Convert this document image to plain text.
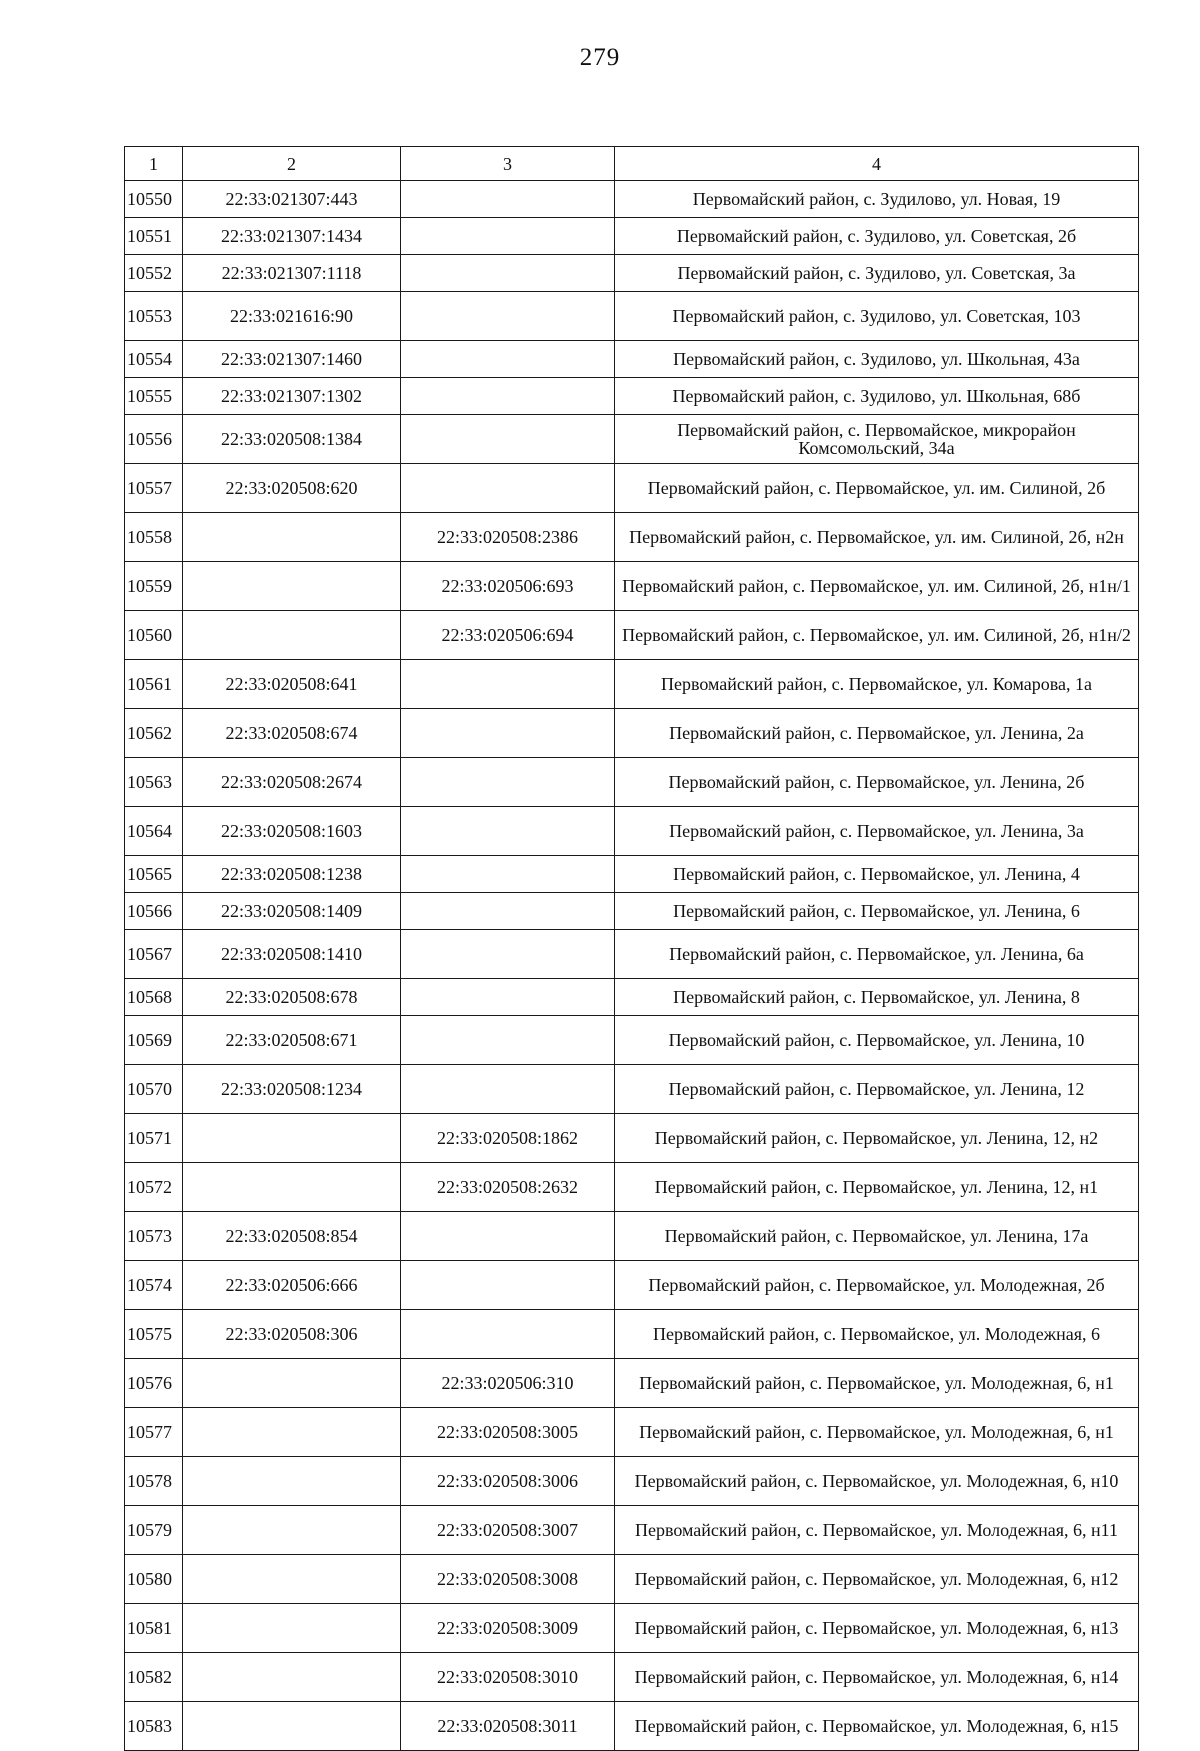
279
1	2	3	4
10550	22:33:021307:443		Первомайский район, с. Зудилово, ул. Новая, 19
10551	22:33:021307:1434		Первомайский район, с. Зудилово, ул. Советская, 2б
10552	22:33:021307:1118		Первомайский район, с. Зудилово, ул. Советская, 3а
10553	22:33:021616:90		Первомайский район, с. Зудилово, ул. Советская, 103
10554	22:33:021307:1460		Первомайский район, с. Зудилово, ул. Школьная, 43а
10555	22:33:021307:1302		Первомайский район, с. Зудилово, ул. Школьная, 68б
10556	22:33:020508:1384		Первомайский район, с. Первомайское, микрорайон Комсомольский, 34а
10557	22:33:020508:620		Первомайский район, с. Первомайское, ул. им. Силиной, 2б
10558		22:33:020508:2386	Первомайский район, с. Первомайское, ул. им. Силиной, 2б, н2н
10559		22:33:020506:693	Первомайский район, с. Первомайское, ул. им. Силиной, 2б, н1н/1
10560		22:33:020506:694	Первомайский район, с. Первомайское, ул. им. Силиной, 2б, н1н/2
10561	22:33:020508:641		Первомайский район, с. Первомайское, ул. Комарова, 1а
10562	22:33:020508:674		Первомайский район, с. Первомайское, ул. Ленина, 2а
10563	22:33:020508:2674		Первомайский район, с. Первомайское, ул. Ленина, 2б
10564	22:33:020508:1603		Первомайский район, с. Первомайское, ул. Ленина, 3а
10565	22:33:020508:1238		Первомайский район, с. Первомайское, ул. Ленина, 4
10566	22:33:020508:1409		Первомайский район, с. Первомайское, ул. Ленина, 6
10567	22:33:020508:1410		Первомайский район, с. Первомайское, ул. Ленина, 6а
10568	22:33:020508:678		Первомайский район, с. Первомайское, ул. Ленина, 8
10569	22:33:020508:671		Первомайский район, с. Первомайское, ул. Ленина, 10
10570	22:33:020508:1234		Первомайский район, с. Первомайское, ул. Ленина, 12
10571		22:33:020508:1862	Первомайский район, с. Первомайское, ул. Ленина, 12, н2
10572		22:33:020508:2632	Первомайский район, с. Первомайское, ул. Ленина, 12, н1
10573	22:33:020508:854		Первомайский район, с. Первомайское, ул. Ленина, 17а
10574	22:33:020506:666		Первомайский район, с. Первомайское, ул. Молодежная, 2б
10575	22:33:020508:306		Первомайский район, с. Первомайское, ул. Молодежная, 6
10576		22:33:020506:310	Первомайский район, с. Первомайское, ул. Молодежная, 6, н1
10577		22:33:020508:3005	Первомайский район, с. Первомайское, ул. Молодежная, 6, н1
10578		22:33:020508:3006	Первомайский район, с. Первомайское, ул. Молодежная, 6, н10
10579		22:33:020508:3007	Первомайский район, с. Первомайское, ул. Молодежная, 6, н11
10580		22:33:020508:3008	Первомайский район, с. Первомайское, ул. Молодежная, 6, н12
10581		22:33:020508:3009	Первомайский район, с. Первомайское, ул. Молодежная, 6, н13
10582		22:33:020508:3010	Первомайский район, с. Первомайское, ул. Молодежная, 6, н14
10583		22:33:020508:3011	Первомайский район, с. Первомайское, ул. Молодежная, 6, н15
